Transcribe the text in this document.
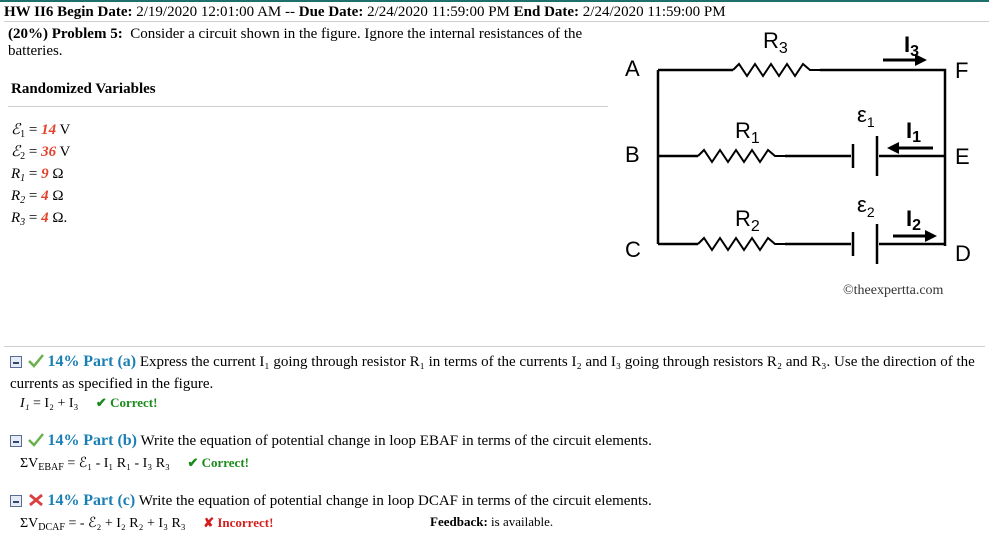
HW II6 Begin Date: 2/19/2020 12:01:00 AM -- Due Date: 2/24/2020 11:59:00 PM End Date: 2/24/2020 11:59:00 PM
(20%) Problem 5: Consider a circuit shown in the figure. Ignore the internal resistances of the batteries.
Randomized Variables
ℰ$_1$ = 14 V
ℰ$_2$ = 36 V
$R_1 = 9$ Ω
$R_2 = 4$ Ω
$R_3 = 4$ Ω.
A
B
C	D
E
F
$R_3$
$R_1$
$R_2$
$\varepsilon_1$
$\varepsilon_2$
I3
I1
I2
©theexpertta.com
14% Part (a) Express the current I₁ going through resistor R₁ in terms of the currents I₂ and I₃ going through resistors R₂ and R₃. Use the direction of the currents as specified in the figure.
I₁ = I₂ + I₃ ✔ Correct!
14% Part (b) Write the equation of potential change in loop EBAF in terms of the circuit elements.
$\Sigma V_{EBAF}$ = ℰ₁ - I₁ R₁ - I₃ R₃ ✔ Correct!
14% Part (c) Write the equation of potential change in loop DCAF in terms of the circuit elements.
$\Sigma V_{DCAF}$ = - ℰ₂ + I₂ R₂ + I₃ R₃ ✘ Incorrect!	Feedback: is available.
